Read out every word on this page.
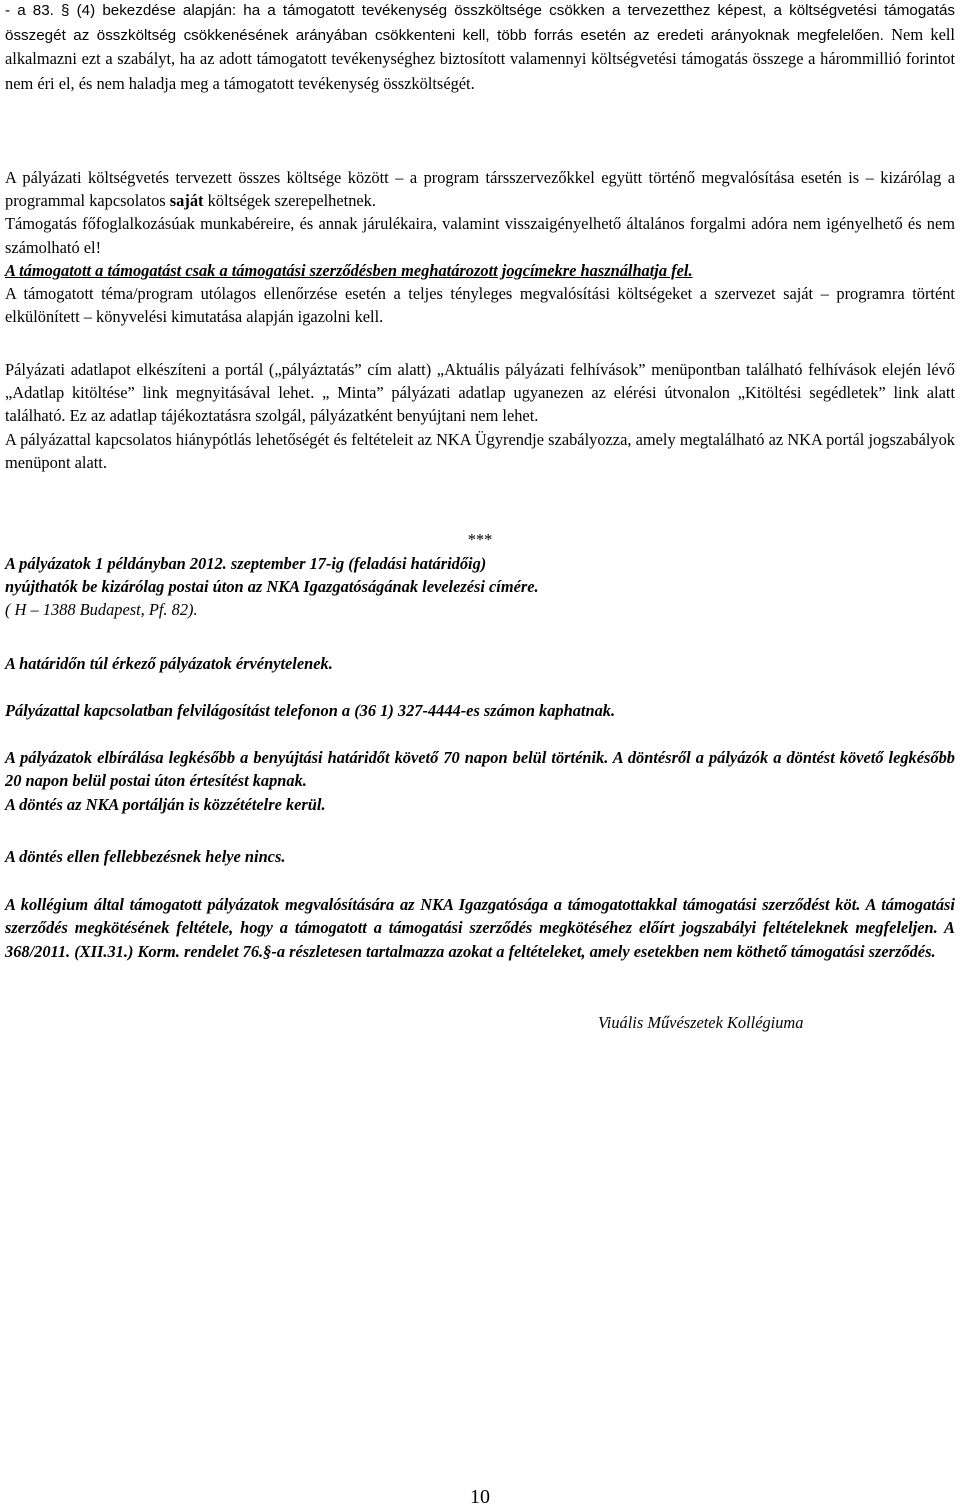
- a 83. § (4) bekezdése alapján: ha a támogatott tevékenység összköltsége csökken a tervezetthez képest, a költségvetési támogatás összegét az összköltség csökkenésének arányában csökkenteni kell, több forrás esetén az eredeti arányoknak megfelelően. Nem kell alkalmazni ezt a szabályt, ha az adott támogatott tevékenységhez biztosított valamennyi költségvetési támogatás összege a hárommillió forintot nem éri el, és nem haladja meg a támogatott tevékenység összköltségét.

A pályázati költségvetés tervezett összes költsége között – a program társszervezőkkel együtt történő megvalósítása esetén is – kizárólag a programmal kapcsolatos saját költségek szerepelhetnek.

Támogatás főfoglalkozásúak munkabéreire, és annak járulékaira, valamint visszaigényelhető általános forgalmi adóra nem igényelhető és nem számolható el!

A támogatott a támogatást csak a támogatási szerződésben meghatározott jogcímekre használhatja fel.

A támogatott téma/program utólagos ellenőrzése esetén a teljes tényleges megvalósítási költségeket a szervezet saját – programra történt elkülönített – könyvelési kimutatása alapján igazolni kell.

Pályázati adatlapot elkészíteni a portál („pályáztatás” cím alatt) „Aktuális pályázati felhívások” menüpontban található felhívások elején lévő „Adatlap kitöltése” link megnyitásával lehet. „ Minta” pályázati adatlap ugyanezen az elérési útvonalon „Kitöltési segédletek” link alatt található. Ez az adatlap tájékoztatásra szolgál, pályázatként benyújtani nem lehet.

A pályázattal kapcsolatos hiánypótlás lehetőségét és feltételeit az NKA Ügyrendje szabályozza, amely megtalálható az NKA portál jogszabályok menüpont alatt.

***

A pályázatok 1 példányban 2012. szeptember 17-ig (feladási határidőig)

nyújthatók be kizárólag postai úton az NKA Igazgatóságának levelezési címére.

( H – 1388 Budapest, Pf. 82).

A határidőn túl érkező pályázatok érvénytelenek.

Pályázattal kapcsolatban felvilágosítást telefonon a (36 1) 327-4444-es számon kaphatnak.

A pályázatok elbírálása legkésőbb a benyújtási határidőt követő 70 napon belül történik. A döntésről a pályázók a döntést követő legkésőbb 20 napon belül postai úton értesítést kapnak.

A döntés az NKA portálján is közzétételre kerül.

A döntés ellen fellebbezésnek helye nincs.

A kollégium által támogatott pályázatok megvalósítására az NKA Igazgatósága a támogatottakkal támogatási szerződést köt. A támogatási szerződés megkötésének feltétele, hogy a támogatott a támogatási szerződés megkötéséhez előírt jogszabályi feltételeknek megfeleljen. A 368/2011. (XII.31.) Korm. rendelet 76.§-a részletesen tartalmazza azokat a feltételeket, amely esetekben nem köthető támogatási szerződés.

Viuális Művészetek Kollégiuma
10
